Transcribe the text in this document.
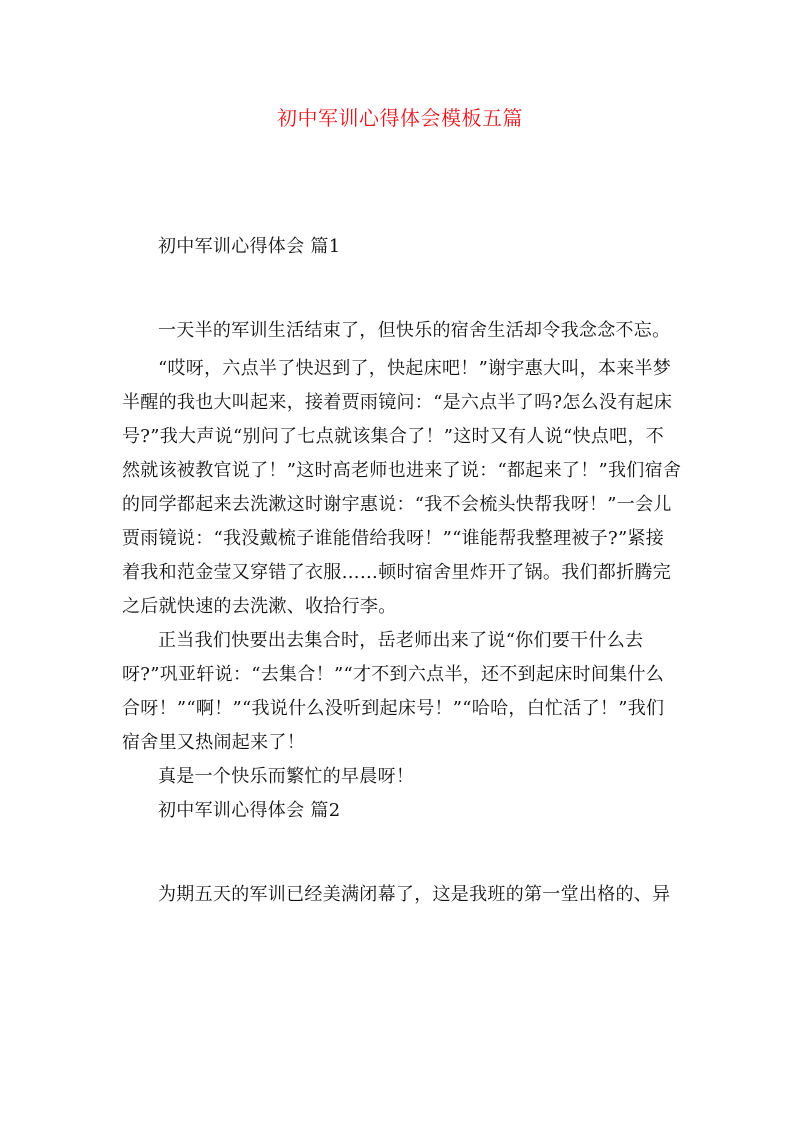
初中军训心得体会模板五篇

初中军训心得体会 篇1

一天半的军训生活结束了，但快乐的宿舍生活却令我念念不忘。

“哎呀，六点半了快迟到了，快起床吧！”谢宇惠大叫，本来半梦半醒的我也大叫起来，接着贾雨镜问：“是六点半了吗?怎么没有起床号?”我大声说“别问了七点就该集合了！”这时又有人说“快点吧，不然就该被教官说了！”这时高老师也进来了说：“都起来了！”我们宿舍的同学都起来去洗漱这时谢宇惠说：“我不会梳头快帮我呀！”一会儿贾雨镜说：“我没戴梳子谁能借给我呀！”“谁能帮我整理被子?”紧接着我和范金莹又穿错了衣服……顿时宿舍里炸开了锅。我们都折腾完之后就快速的去洗漱、收拾行李。

正当我们快要出去集合时，岳老师出来了说“你们要干什么去呀?”巩亚轩说：“去集合！”“才不到六点半，还不到起床时间集什么合呀！”“啊！”“我说什么没听到起床号！”“哈哈，白忙活了！”我们宿舍里又热闹起来了！

真是一个快乐而繁忙的早晨呀！

初中军训心得体会 篇2

为期五天的军训已经美满闭幕了，这是我班的第一堂出格的、异
